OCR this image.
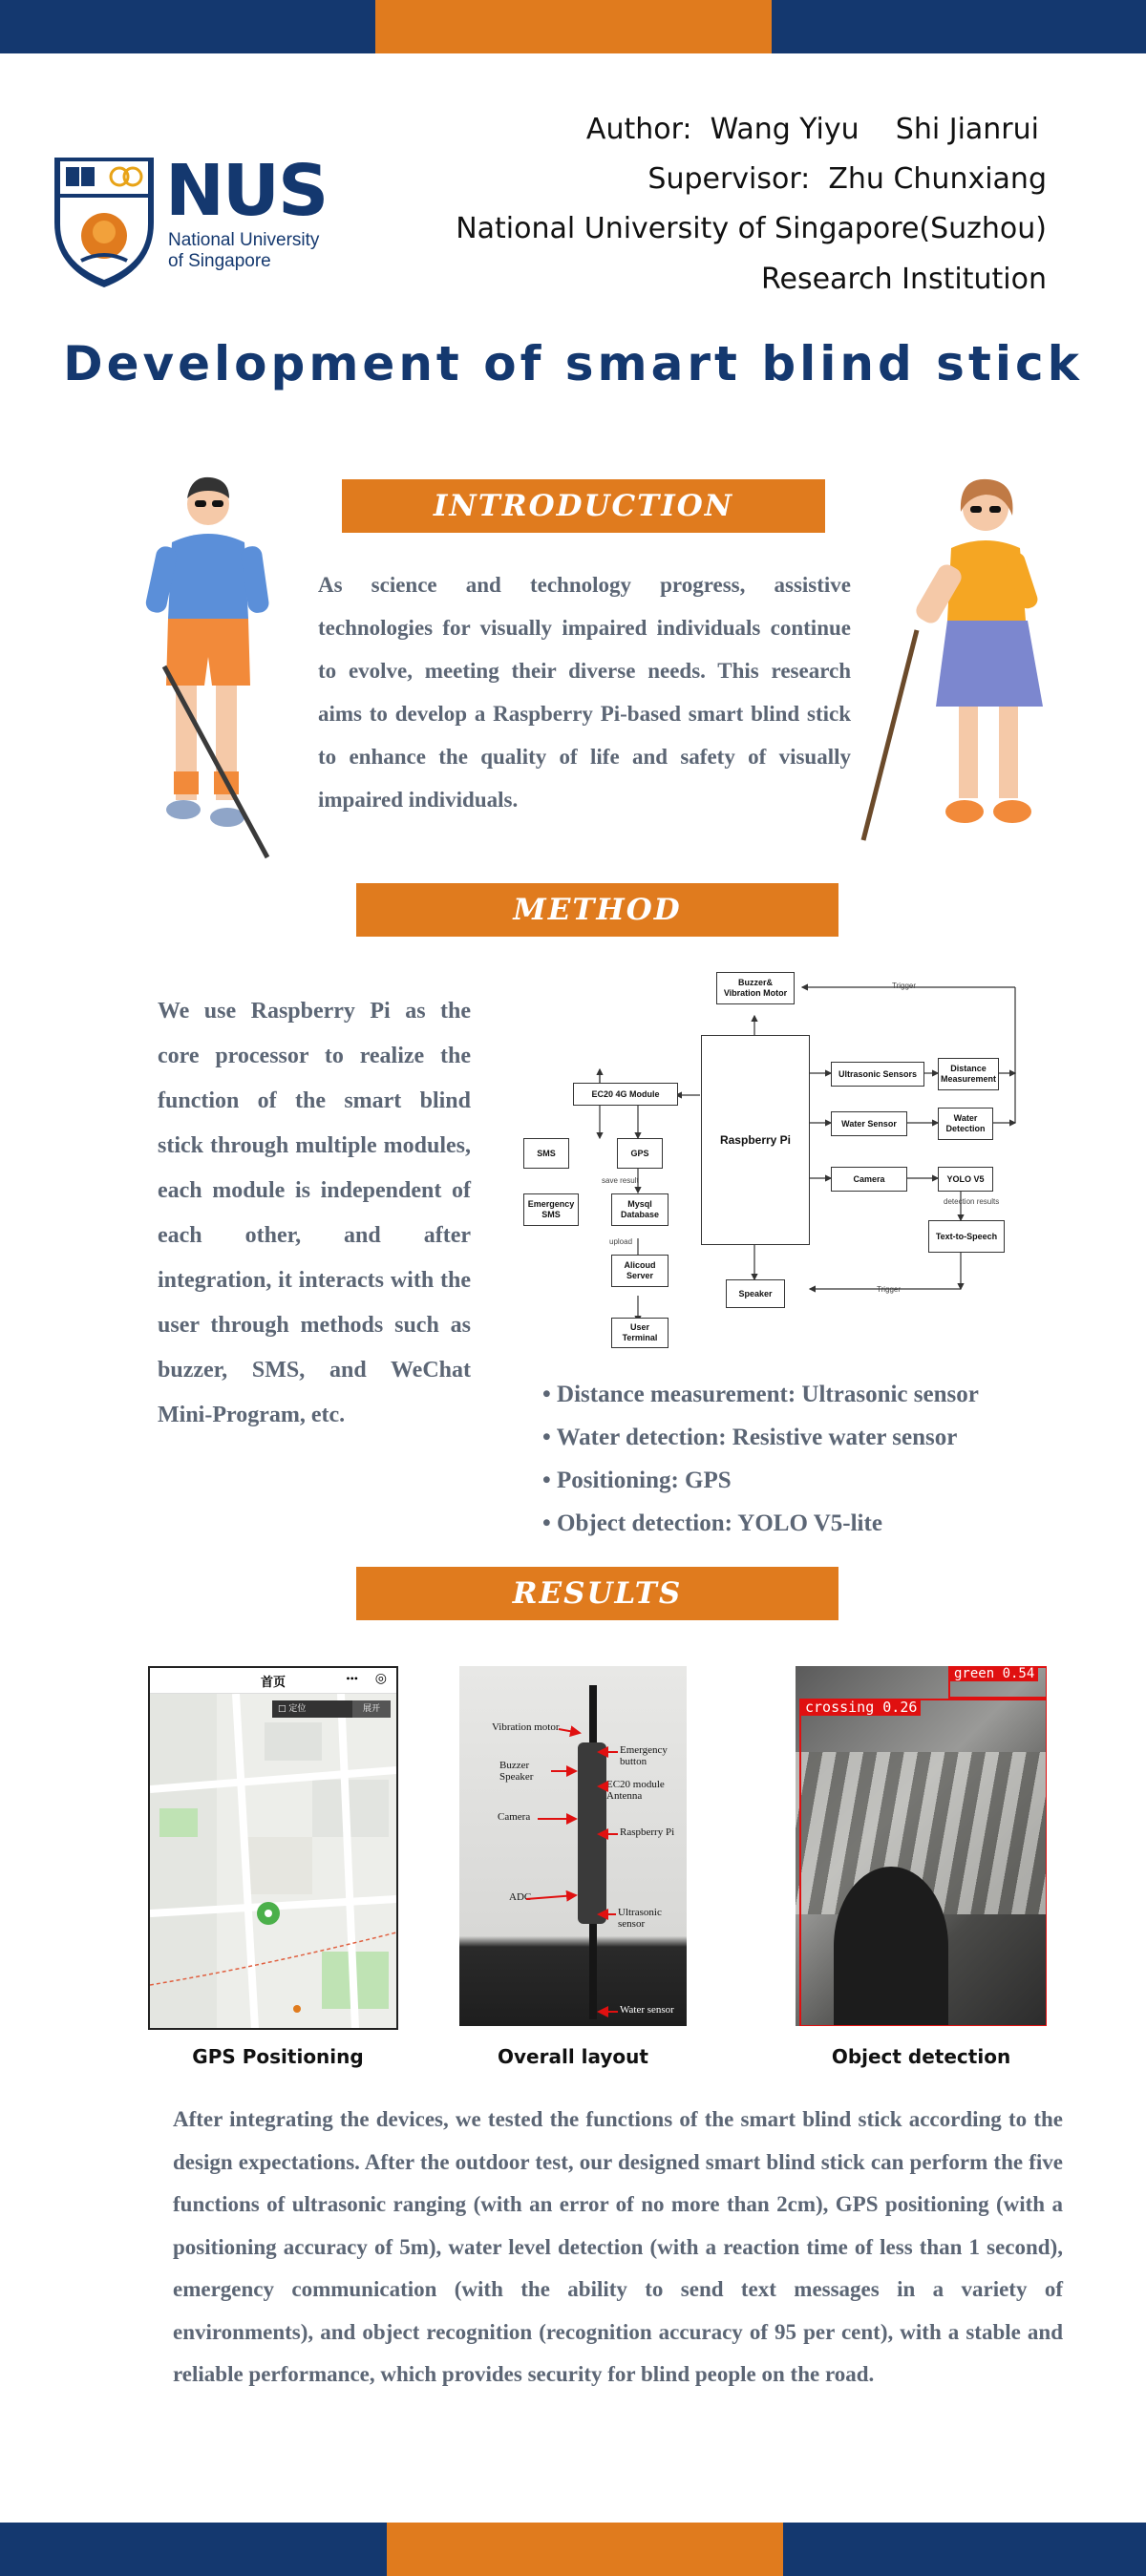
NUS
National University
of Singapore
Author:  Wang Yiyu    Shi Jianrui
Supervisor:  Zhu Chunxiang
National University of Singapore(Suzhou)
Research Institution
Development of smart blind stick
INTRODUCTION
As science and technology progress, assistive technologies for visually impaired individuals continue to evolve, meeting their diverse needs. This research aims to develop a Raspberry Pi-based smart blind stick to enhance the quality of life and safety of visually impaired individuals.
METHOD
We use Raspberry Pi as the core processor to realize the function of the smart blind stick through multiple modules, each module is independent of each other, and after integration, it interacts with the user through methods such as buzzer, SMS, and WeChat Mini-Program, etc.
Buzzer&
Vibration Motor
Raspberry Pi
EC20 4G Module
SMS	GPS
Emergency
SMS
Mysql
Database
Alicoud
Server
User
Terminal
Ultrasonic Sensors
Distance
Measurement
Water Sensor
Water
Detection
Camera	YOLO V5
Text-to-Speech
Speaker
save result
upload
Trigger
detection results
Trigger
• Distance measurement: Ultrasonic sensor
• Water detection: Resistive water sensor
• Positioning: GPS
• Object detection: YOLO V5-lite
RESULTS
首页	••• ◎
□ 定位	展开
Vibration motor
Buzzer
Speaker
Camera
ADC
Emergency button
EC20 module
Antenna
Raspberry Pi
Ultrasonic
sensor
Water sensor
green 0.54
crossing 0.26
GPS Positioning	Overall layout	Object detection
After integrating the devices, we tested the functions of the smart blind stick according to the design expectations. After the outdoor test, our designed smart blind stick can perform the five functions of ultrasonic ranging (with an error of no more than 2cm), GPS positioning (with a positioning accuracy of 5m), water level detection (with a reaction time of less than 1 second), emergency communication (with the ability to send text messages in a variety of environments), and object recognition (recognition accuracy of 95 per cent), with a stable and reliable performance, which provides security for blind people on the road.
